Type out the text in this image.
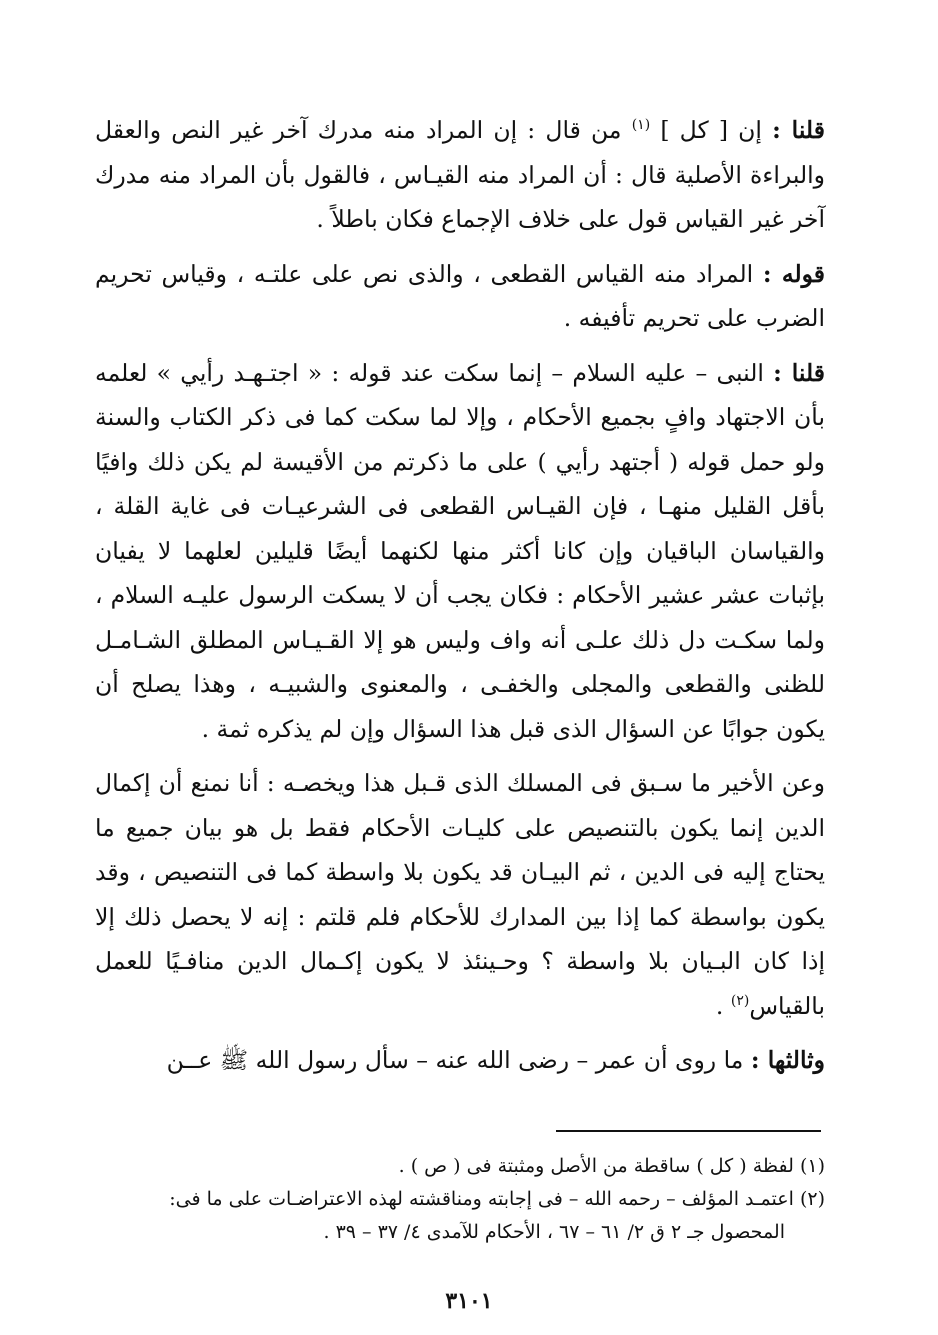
قلنا : إن [ كل ] $^{(١)}$ من قال : إن المراد منه مدرك آخر غير النص والعقل والبراءة الأصلية قال : أن المراد منه القيـاس ، فالقول بأن المراد منه مدرك آخر غير القياس قول على خلاف الإجماع فكان باطلاً .

قوله : المراد منه القياس القطعى ، والذى نص على علتـه ، وقياس تحريم الضرب على تحريم تأفيفه .

قلنا : النبى – عليه السلام – إنما سكت عند قوله : « اجتـهـد رأيي » لعلمه بأن الاجتهاد وافٍ بجميع الأحكام ، وإلا لما سكت كما فى ذكر الكتاب والسنة ولو حمل قوله ( أجتهد رأيي ) على ما ذكرتم من الأقيسة لم يكن ذلك وافيًا بأقل القليل منهـا ، فإن القيـاس القطعى فى الشرعيـات فى غاية القلة ، والقياسان الباقيان وإن كانا أكثر منها لكنهما أيضًا قليلين لعلهما لا يفيان بإثبات عشر عشير الأحكام : فكان يجب أن لا يسكت الرسول عليـه السلام ، ولما سكـت دل ذلك علـى أنه واف وليس هو إلا القـيـاس المطلق الشـامـل للظنى والقطعى والمجلى والخفـى ، والمعنوى والشبيـه ، وهذا يصلح أن يكون جوابًا عن السؤال الذى قبل هذا السؤال وإن لم يذكره ثمة .

وعن الأخير ما سـبق فى المسلك الذى قـبل هذا ويخصـه : أنا نمنع أن إكمال الدين إنما يكون بالتنصيص على كليـات الأحكام فقط بل هو بيان جميع ما يحتاج إليه فى الدين ، ثم البيـان قد يكون بلا واسطة كما فى التنصيص ، وقد يكون بواسطة كما إذا بين المدارك للأحكام فلم قلتم : إنه لا يحصل ذلك إلا إذا كان البـيان بلا واسطة ؟ وحـينئذ لا يكون إكـمال الدين منافـيًا للعمل بالقياس$^{(٢)}$ .

وثالثها : ما روى أن عمر – رضى الله عنه – سأل رسول الله ﷺ عــن

(١) لفظة ( كل ) ساقطة من الأصل ومثبتة فى ( ص ) .

(٢) اعتمـد المؤلف – رحمه الله – فى إجابته ومناقشته لهذه الاعتراضـات على ما فى:

المحصول جـ ٢ ق ٢/ ٦١ – ٦٧ ، الأحكام للآمدى ٤/ ٣٧ – ٣٩ .

٣١٠١
